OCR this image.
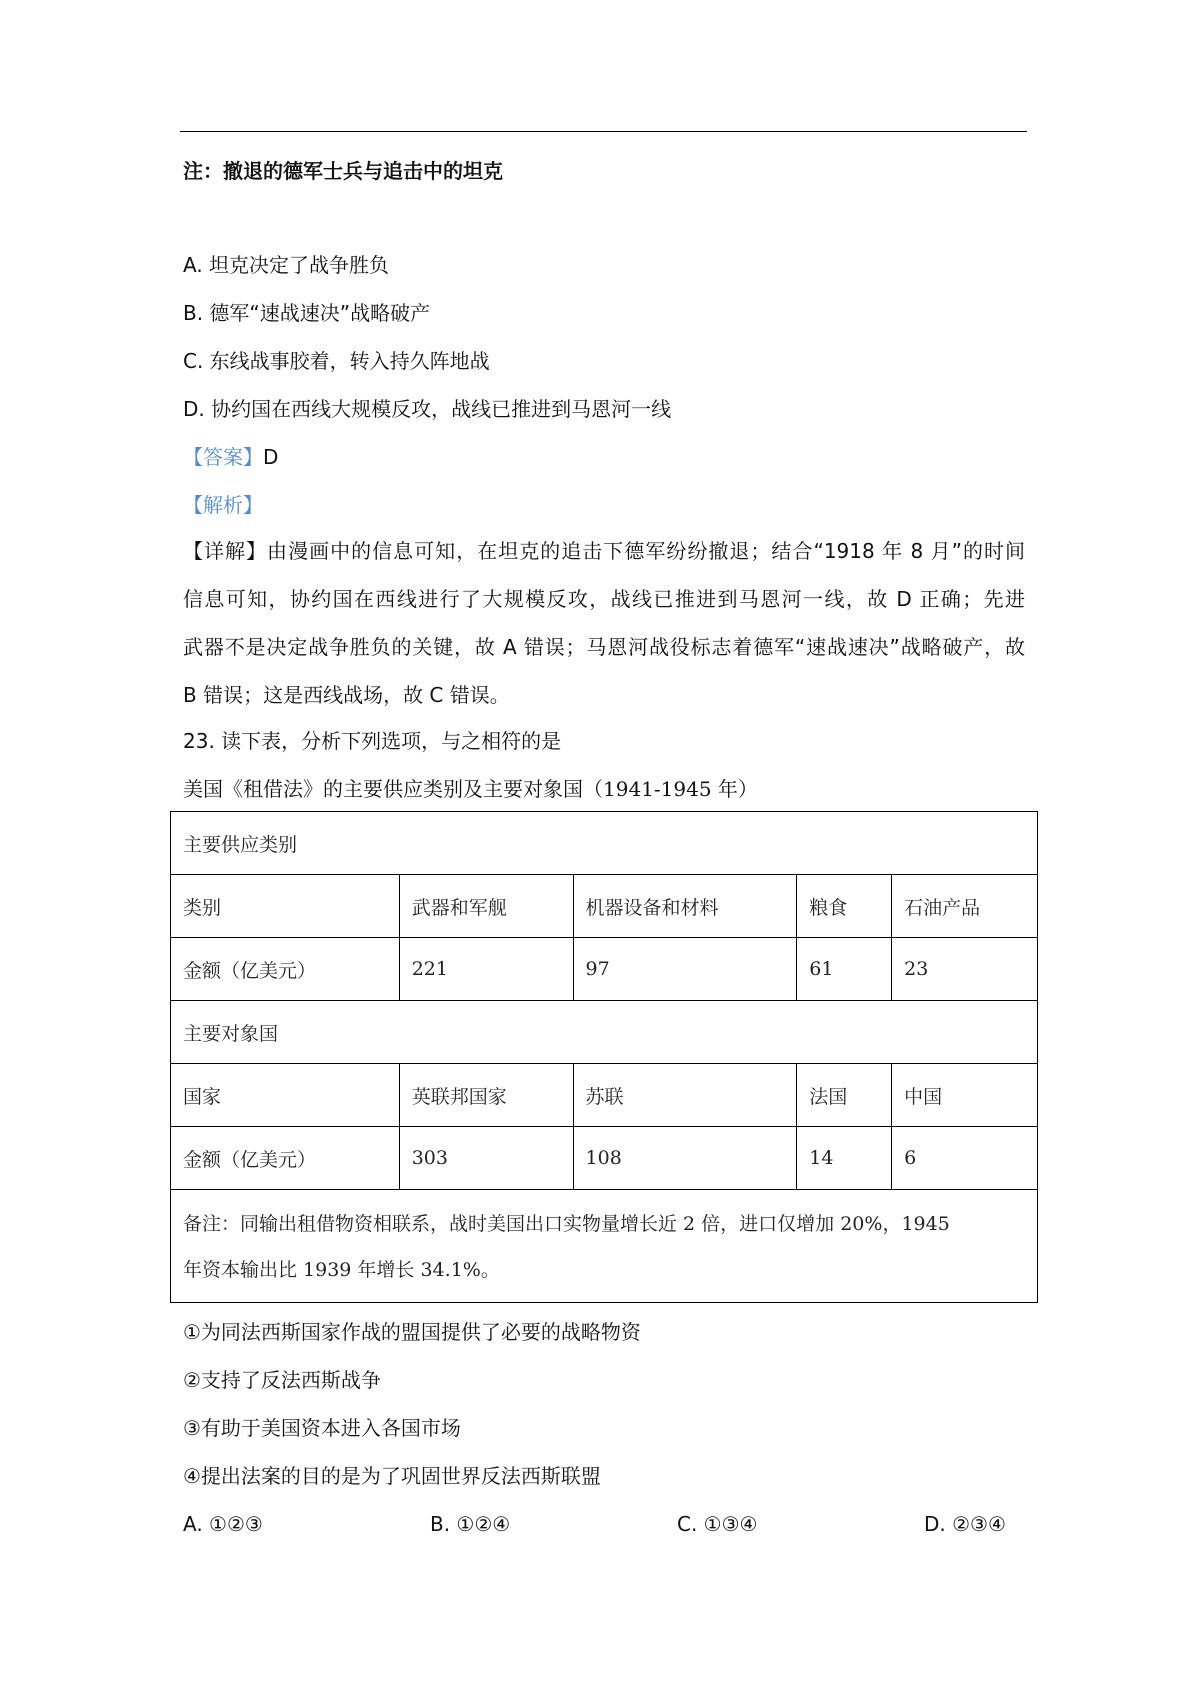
注：撤退的德军士兵与追击中的坦克
A. 坦克决定了战争胜负
B. 德军“速战速决”战略破产
C. 东线战事胶着，转入持久阵地战
D. 协约国在西线大规模反攻，战线已推进到马恩河一线
【答案】D
【解析】
【详解】由漫画中的信息可知，在坦克的追击下德军纷纷撤退；结合“1918 年 8 月”的时间
信息可知，协约国在西线进行了大规模反攻，战线已推进到马恩河一线，故 D 正确；先进
武器不是决定战争胜负的关键，故 A 错误；马恩河战役标志着德军“速战速决”战略破产，故
B 错误；这是西线战场，故 C 错误。
23. 读下表，分析下列选项，与之相符的是
美国《租借法》的主要供应类别及主要对象国（1941-1945 年）
主要供应类别				
类别	武器和军舰	机器设备和材料	粮食	石油产品
金额（亿美元）	221	97	61	23
主要对象国				
国家	英联邦国家	苏联	法国	中国
金额（亿美元）	303	108	14	6

备注：同输出租借物资相联系，战时美国出口实物量增长近 2 倍，进口仅增加 20%，1945
年资本输出比 1939 年增长 34.1%。				
①为同法西斯国家作战的盟国提供了必要的战略物资
②支持了反法西斯战争
③有助于美国资本进入各国市场
④提出法案的目的是为了巩固世界反法西斯联盟
A. ①②③	B. ①②④	C. ①③④	D. ②③④
